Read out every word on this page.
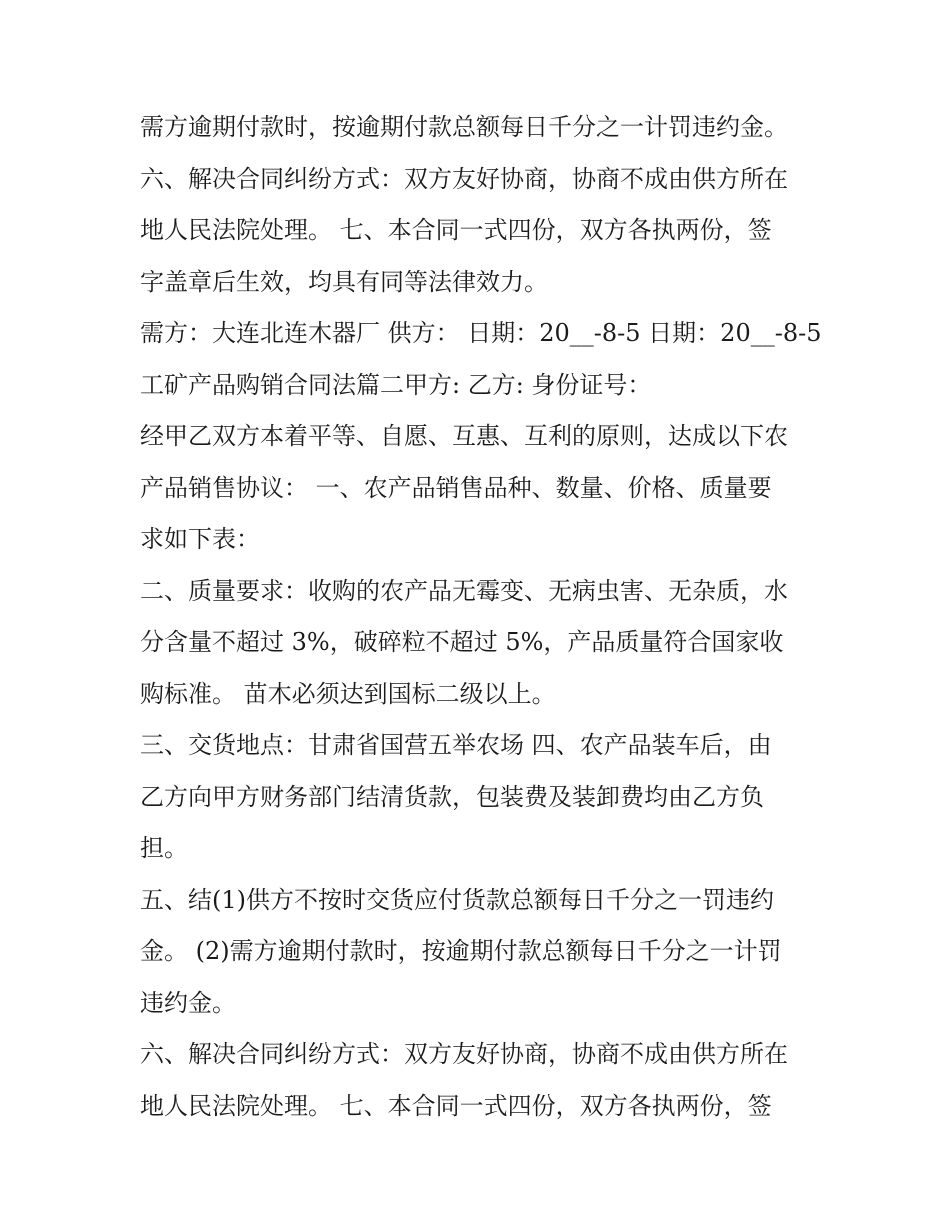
需方逾期付款时，按逾期付款总额每日千分之一计罚违约金。
六、解决合同纠纷方式：双方友好协商，协商不成由供方所在
地人民法院处理。 七、本合同一式四份，双方各执两份，签
字盖章后生效，均具有同等法律效力。
需方：大连北连木器厂 供方： 日期：20__-8-5 日期：20__-8-5
工矿产品购销合同法篇二甲方: 乙方: 身份证号：
经甲乙双方本着平等、自愿、互惠、互利的原则，达成以下农
产品销售协议： 一、农产品销售品种、数量、价格、质量要
求如下表：
二、质量要求：收购的农产品无霉变、无病虫害、无杂质，水
分含量不超过 3%，破碎粒不超过 5%，产品质量符合国家收
购标准。 苗木必须达到国标二级以上。
三、交货地点：甘肃省国营五举农场 四、农产品装车后，由
乙方向甲方财务部门结清货款，包装费及装卸费均由乙方负
担。
五、结(1)供方不按时交货应付货款总额每日千分之一罚违约
金。 (2)需方逾期付款时，按逾期付款总额每日千分之一计罚
违约金。
六、解决合同纠纷方式：双方友好协商，协商不成由供方所在
地人民法院处理。 七、本合同一式四份，双方各执两份，签
